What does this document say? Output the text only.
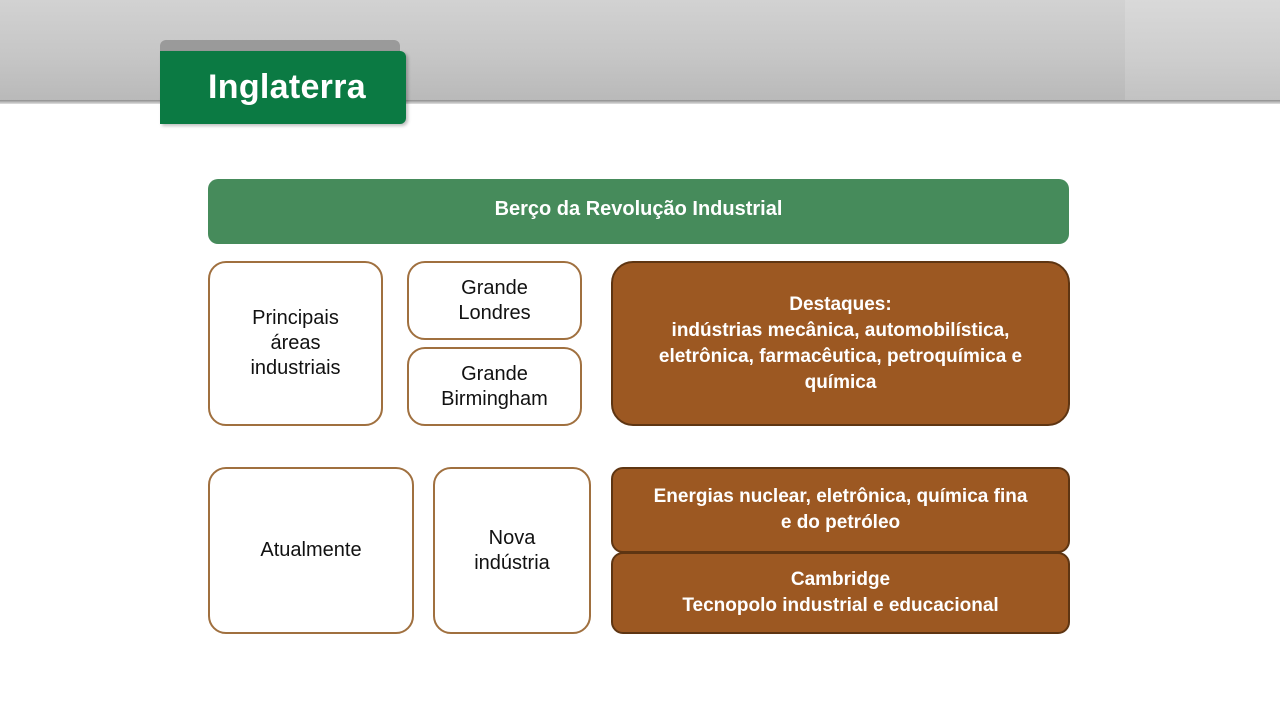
Inglaterra
Berço da Revolução Industrial
Principais
áreas
industriais
Grande
Londres
Grande
Birmingham
Destaques:
indústrias mecânica, automobilística,
eletrônica, farmacêutica, petroquímica e
química
Atualmente
Nova
indústria
Energias nuclear, eletrônica, química fina
e do petróleo
Cambridge
Tecnopolo industrial e educacional
